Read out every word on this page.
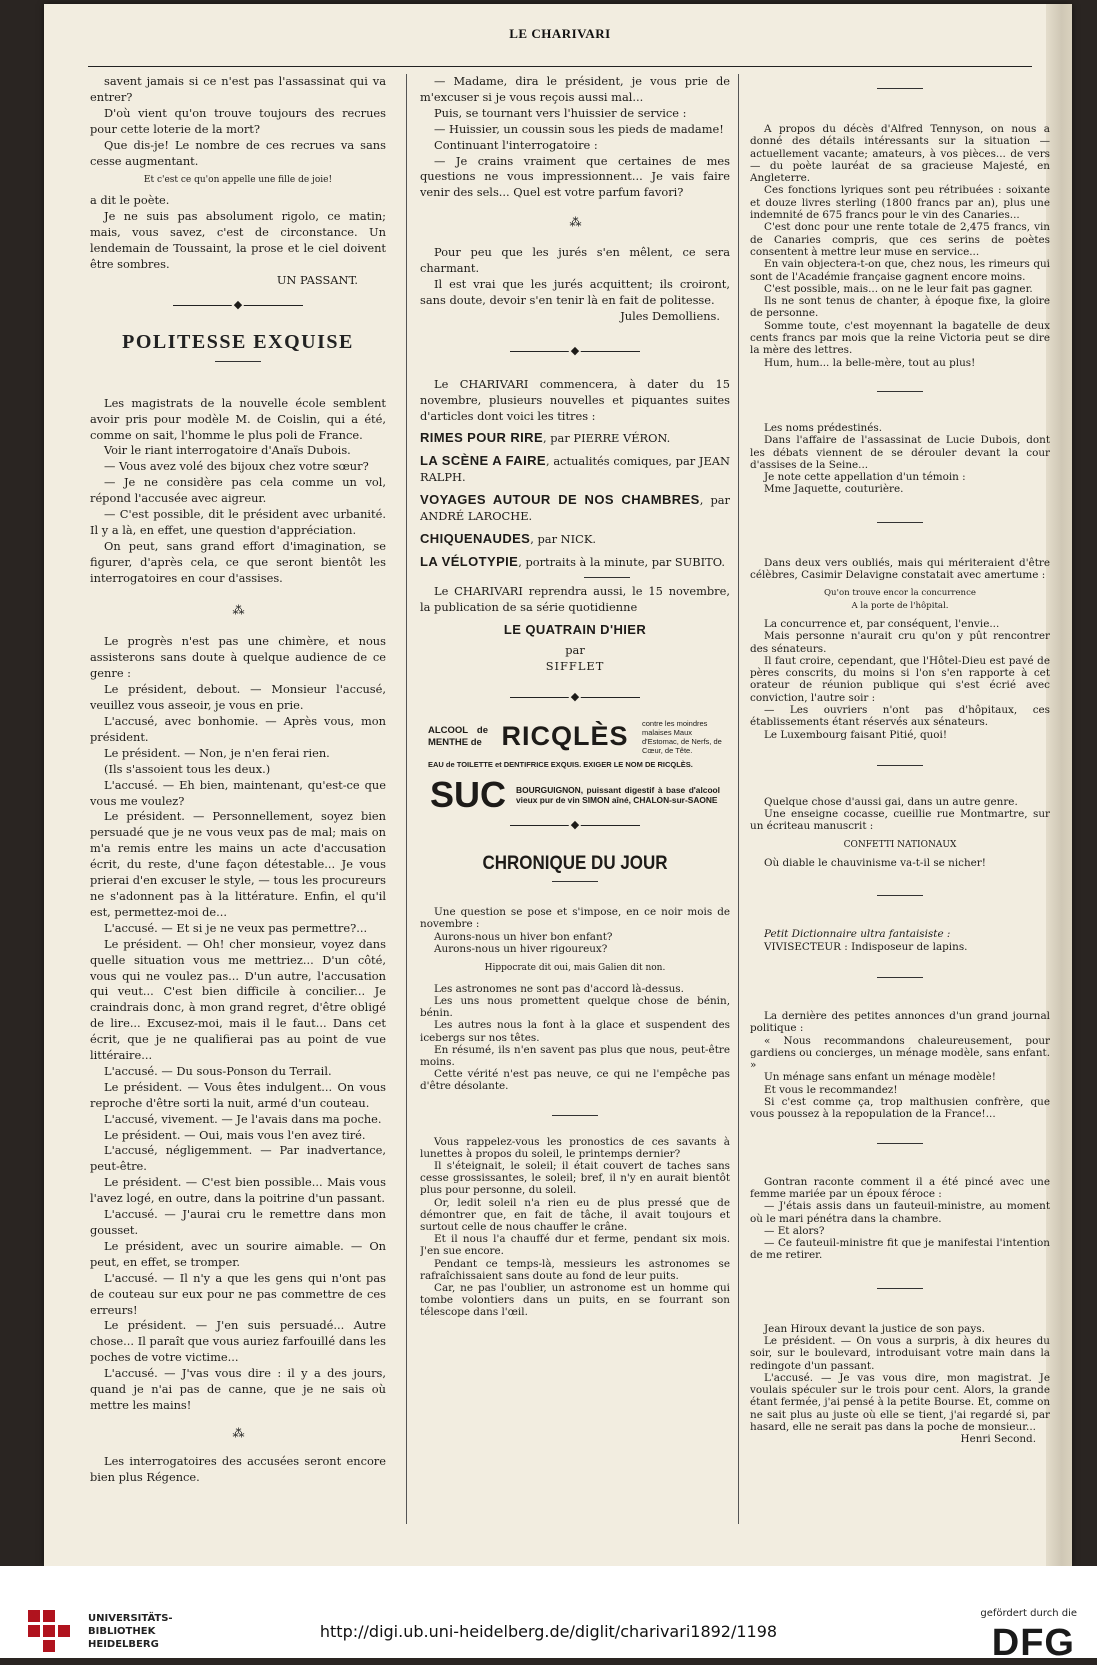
LE CHARIVARI

savent jamais si ce n'est pas l'assassinat qui va entrer?

D'où vient qu'on trouve toujours des recrues pour cette loterie de la mort?

Que dis-je! Le nombre de ces recrues va sans cesse augmentant.

Et c'est ce qu'on appelle une fille de joie!

a dit le poète.

Je ne suis pas absolument rigolo, ce matin; mais, vous savez, c'est de circonstance. Un lendemain de Toussaint, la prose et le ciel doivent être sombres.

UN PASSANT.

◆
POLITESSE EXQUISE

Les magistrats de la nouvelle école semblent avoir pris pour modèle M. de Coislin, qui a été, comme on sait, l'homme le plus poli de France.

Voir le riant interrogatoire d'Anaïs Dubois.

— Vous avez volé des bijoux chez votre sœur?

— Je ne considère pas cela comme un vol, répond l'accusée avec aigreur.

— C'est possible, dit le président avec urbanité. Il y a là, en effet, une question d'appréciation.

On peut, sans grand effort d'imagination, se figurer, d'après cela, ce que seront bientôt les interrogatoires en cour d'assises.

⁂

Le progrès n'est pas une chimère, et nous assisterons sans doute à quelque audience de ce genre :

Le président, debout. — Monsieur l'accusé, veuillez vous asseoir, je vous en prie.

L'accusé, avec bonhomie. — Après vous, mon président.

Le président. — Non, je n'en ferai rien.

(Ils s'assoient tous les deux.)

L'accusé. — Eh bien, maintenant, qu'est-ce que vous me voulez?

Le président. — Personnellement, soyez bien persuadé que je ne vous veux pas de mal; mais on m'a remis entre les mains un acte d'accusation écrit, du reste, d'une façon détestable... Je vous prierai d'en excuser le style, — tous les procureurs ne s'adonnent pas à la littérature. Enfin, el qu'il est, permettez-moi de...

L'accusé. — Et si je ne veux pas permettre?...

Le président. — Oh! cher monsieur, voyez dans quelle situation vous me mettriez... D'un côté, vous qui ne voulez pas... D'un autre, l'accusation qui veut... C'est bien difficile à concilier... Je craindrais donc, à mon grand regret, d'être obligé de lire... Excusez-moi, mais il le faut... Dans cet écrit, que je ne qualifierai pas au point de vue littéraire...

L'accusé. — Du sous-Ponson du Terrail.

Le président. — Vous êtes indulgent... On vous reproche d'être sorti la nuit, armé d'un couteau.

L'accusé, vivement. — Je l'avais dans ma poche.

Le président. — Oui, mais vous l'en avez tiré.

L'accusé, négligemment. — Par inadvertance, peut-être.

Le président. — C'est bien possible... Mais vous l'avez logé, en outre, dans la poitrine d'un passant.

L'accusé. — J'aurai cru le remettre dans mon gousset.

Le président, avec un sourire aimable. — On peut, en effet, se tromper.

L'accusé. — Il n'y a que les gens qui n'ont pas de couteau sur eux pour ne pas commettre de ces erreurs!

Le président. — J'en suis persuadé... Autre chose... Il paraît que vous auriez farfouillé dans les poches de votre victime...

L'accusé. — J'vas vous dire : il y a des jours, quand je n'ai pas de canne, que je ne sais où mettre les mains!

⁂

Les interrogatoires des accusées seront encore bien plus Régence.

— Madame, dira le président, je vous prie de m'excuser si je vous reçois aussi mal...

Puis, se tournant vers l'huissier de service :

— Huissier, un coussin sous les pieds de madame!

Continuant l'interrogatoire :

— Je crains vraiment que certaines de mes questions ne vous impressionnent... Je vais faire venir des sels... Quel est votre parfum favori?

⁂

Pour peu que les jurés s'en mêlent, ce sera charmant.

Il est vrai que les jurés acquittent; ils croiront, sans doute, devoir s'en tenir là en fait de politesse.

Jules Demolliens.

◆

Le CHARIVARI commencera, à dater du 15 novembre, plusieurs nouvelles et piquantes suites d'articles dont voici les titres :

RIMES POUR RIRE, par PIERRE VÉRON.

LA SCÈNE A FAIRE, actualités comiques, par JEAN RALPH.

VOYAGES AUTOUR DE NOS CHAMBRES, par ANDRÉ LAROCHE.

CHIQUENAUDES, par NICK.

LA VÉLOTYPIE, portraits à la minute, par SUBITO.

Le CHARIVARI reprendra aussi, le 15 novembre, la publication de sa série quotidienne

LE QUATRAIN D'HIER

par

SIFFLET

◆
ALCOOL de MENTHE de RICQLÈS contre les moindres malaises Maux d'Estomac, de Nerfs, de Cœur, de Tête.
EAU de TOILETTE et DENTIFRICE EXQUIS. EXIGER LE NOM DE RICQLÈS.
SUC BOURGUIGNON, puissant digestif à base d'alcool vieux pur de vin SIMON aîné, CHALON-sur-SAONE
◆
CHRONIQUE DU JOUR

Une question se pose et s'impose, en ce noir mois de novembre :

Aurons-nous un hiver bon enfant?

Aurons-nous un hiver rigoureux?

Hippocrate dit oui, mais Galien dit non.

Les astronomes ne sont pas d'accord là-dessus.

Les uns nous promettent quelque chose de bénin, bénin.

Les autres nous la font à la glace et suspendent des icebergs sur nos têtes.

En résumé, ils n'en savent pas plus que nous, peut-être moins.

Cette vérité n'est pas neuve, ce qui ne l'empêche pas d'être désolante.

Vous rappelez-vous les pronostics de ces savants à lunettes à propos du soleil, le printemps dernier?

Il s'éteignait, le soleil; il était couvert de taches sans cesse grossissantes, le soleil; bref, il n'y en aurait bientôt plus pour personne, du soleil.

Or, ledit soleil n'a rien eu de plus pressé que de démontrer que, en fait de tâche, il avait toujours et surtout celle de nous chauffer le crâne.

Et il nous l'a chauffé dur et ferme, pendant six mois. J'en sue encore.

Pendant ce temps-là, messieurs les astronomes se rafraîchissaient sans doute au fond de leur puits.

Car, ne pas l'oublier, un astronome est un homme qui tombe volontiers dans un puits, en se fourrant son télescope dans l'œil.

A propos du décès d'Alfred Tennyson, on nous a donné des détails intéressants sur la situation — actuellement vacante; amateurs, à vos pièces... de vers — du poète lauréat de sa gracieuse Majesté, en Angleterre.

Ces fonctions lyriques sont peu rétribuées : soixante et douze livres sterling (1800 francs par an), plus une indemnité de 675 francs pour le vin des Canaries...

C'est donc pour une rente totale de 2,475 francs, vin de Canaries compris, que ces serins de poètes consentent à mettre leur muse en service...

En vain objectera-t-on que, chez nous, les rimeurs qui sont de l'Académie française gagnent encore moins.

C'est possible, mais... on ne le leur fait pas gagner.

Ils ne sont tenus de chanter, à époque fixe, la gloire de personne.

Somme toute, c'est moyennant la bagatelle de deux cents francs par mois que la reine Victoria peut se dire la mère des lettres.

Hum, hum... la belle-mère, tout au plus!

Les noms prédestinés.

Dans l'affaire de l'assassinat de Lucie Dubois, dont les débats viennent de se dérouler devant la cour d'assises de la Seine...

Je note cette appellation d'un témoin :

Mme Jaquette, couturière.

Dans deux vers oubliés, mais qui mériteraient d'être célèbres, Casimir Delavigne constatait avec amertume :

Qu'on trouve encor la concurrence

A la porte de l'hôpital.

La concurrence et, par conséquent, l'envie...

Mais personne n'aurait cru qu'on y pût rencontrer des sénateurs.

Il faut croire, cependant, que l'Hôtel-Dieu est pavé de pères conscrits, du moins si l'on s'en rapporte à cet orateur de réunion publique qui s'est écrié avec conviction, l'autre soir :

— Les ouvriers n'ont pas d'hôpitaux, ces établissements étant réservés aux sénateurs.

Le Luxembourg faisant Pitié, quoi!

Quelque chose d'aussi gai, dans un autre genre.

Une enseigne cocasse, cueillie rue Montmartre, sur un écriteau manuscrit :

CONFETTI NATIONAUX

Où diable le chauvinisme va-t-il se nicher!

Petit Dictionnaire ultra fantaisiste :

VIVISECTEUR : Indisposeur de lapins.

La dernière des petites annonces d'un grand journal politique :

« Nous recommandons chaleureusement, pour gardiens ou concierges, un ménage modèle, sans enfant. »

Un ménage sans enfant un ménage modèle!

Et vous le recommandez!

Si c'est comme ça, trop malthusien confrère, que vous poussez à la repopulation de la France!...

Gontran raconte comment il a été pincé avec une femme mariée par un époux féroce :

— J'étais assis dans un fauteuil-ministre, au moment où le mari pénétra dans la chambre.

— Et alors?

— Ce fauteuil-ministre fit que je manifestai l'intention de me retirer.

Jean Hiroux devant la justice de son pays.

Le président. — On vous a surpris, à dix heures du soir, sur le boulevard, introduisant votre main dans la redingote d'un passant.

L'accusé. — Je vas vous dire, mon magistrat. Je voulais spéculer sur le trois pour cent. Alors, la grande étant fermée, j'ai pensé à la petite Bourse. Et, comme on ne sait plus au juste où elle se tient, j'ai regardé si, par hasard, elle ne serait pas dans la poche de monsieur...

Henri Second.

UNIVERSITÄTS-
BIBLIOTHEK
HEIDELBERG
http://digi.ub.uni-heidelberg.de/diglit/charivari1892/1198
gefördert durch die
DFG
